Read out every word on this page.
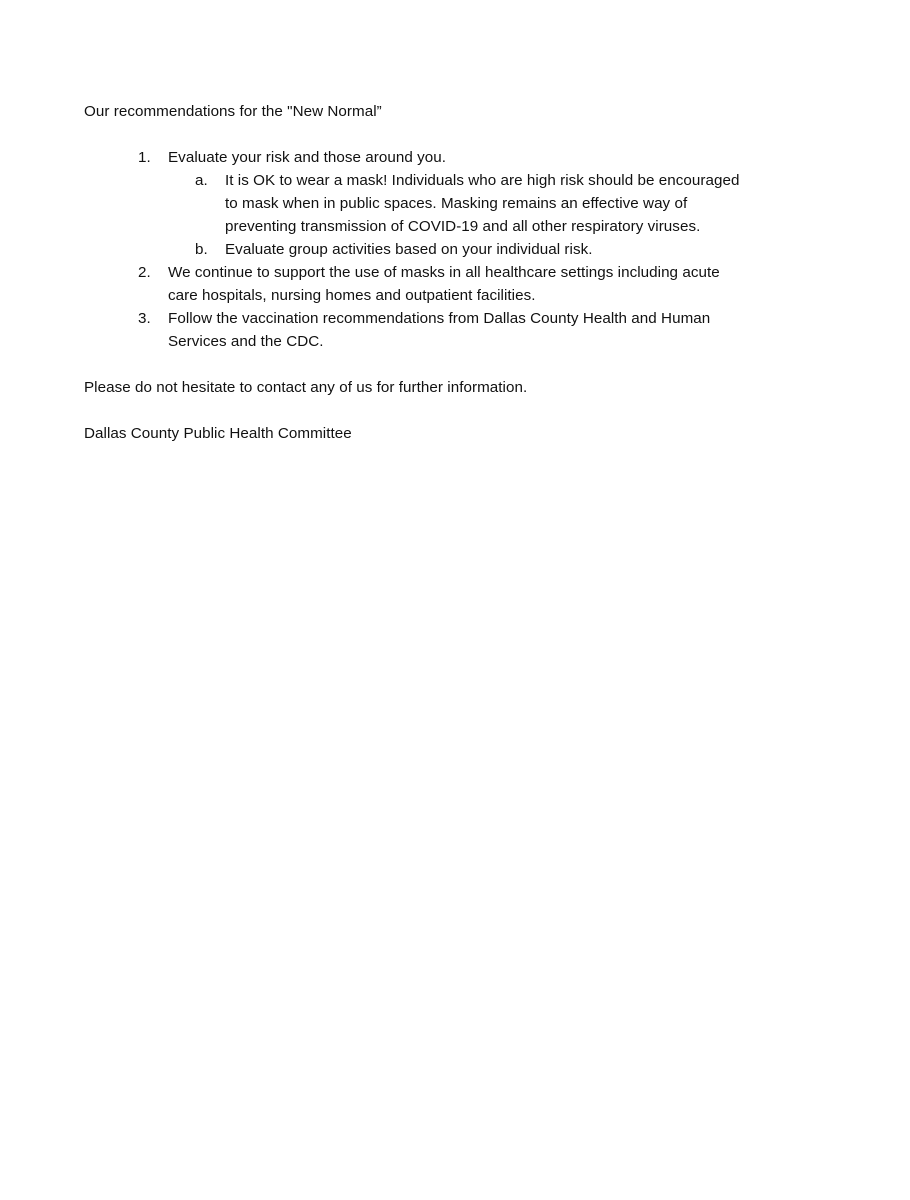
Our recommendations for the "New Normal”

1.	Evaluate your risk and those around you.
a.	It is OK to wear a mask! Individuals who are high risk should be encouraged
to mask when in public spaces. Masking remains an effective way of
preventing transmission of COVID-19 and all other respiratory viruses.
b.	Evaluate group activities based on your individual risk.
2.	We continue to support the use of masks in all healthcare settings including acute
care hospitals, nursing homes and outpatient facilities.
3.	Follow the vaccination recommendations from Dallas County Health and Human
Services and the CDC.

Please do not hesitate to contact any of us for further information.

Dallas County Public Health Committee
